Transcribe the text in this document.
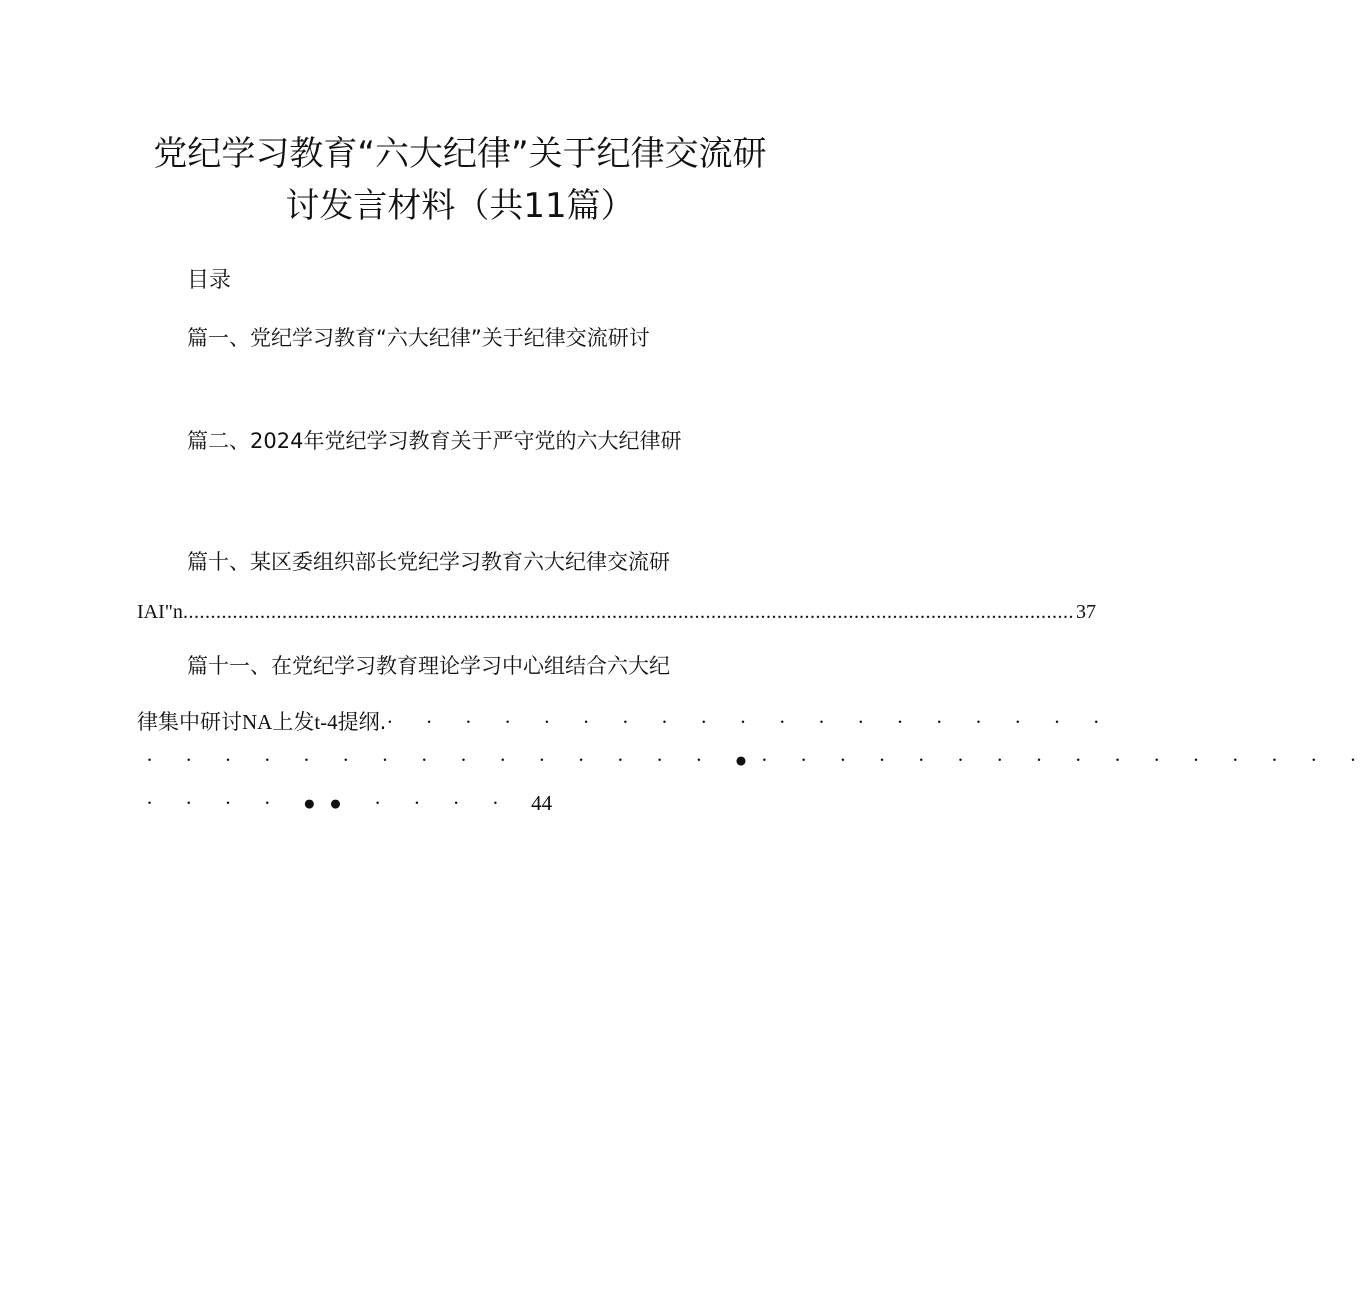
党纪学习教育“六大纪律”关于纪律交流研
讨发言材料（共11篇）
目录
篇一、党纪学习教育“六大纪律”关于纪律交流研讨
篇二、2024年党纪学习教育关于严守党的六大纪律研
篇十、某区委组织部长党纪学习教育六大纪律交流研
IAI"n .................................................................................................................................................................. 37
篇十一、在党纪学习教育理论学习中心组结合六大纪
律集中研讨NA上发t-4提纲.· · · · · · · · · · · · · · · · · · ·
· · · · · · · · · · · · · · · ●· · · · · · · · · · · · · · · ·
· · · · ●● · · · · 44
